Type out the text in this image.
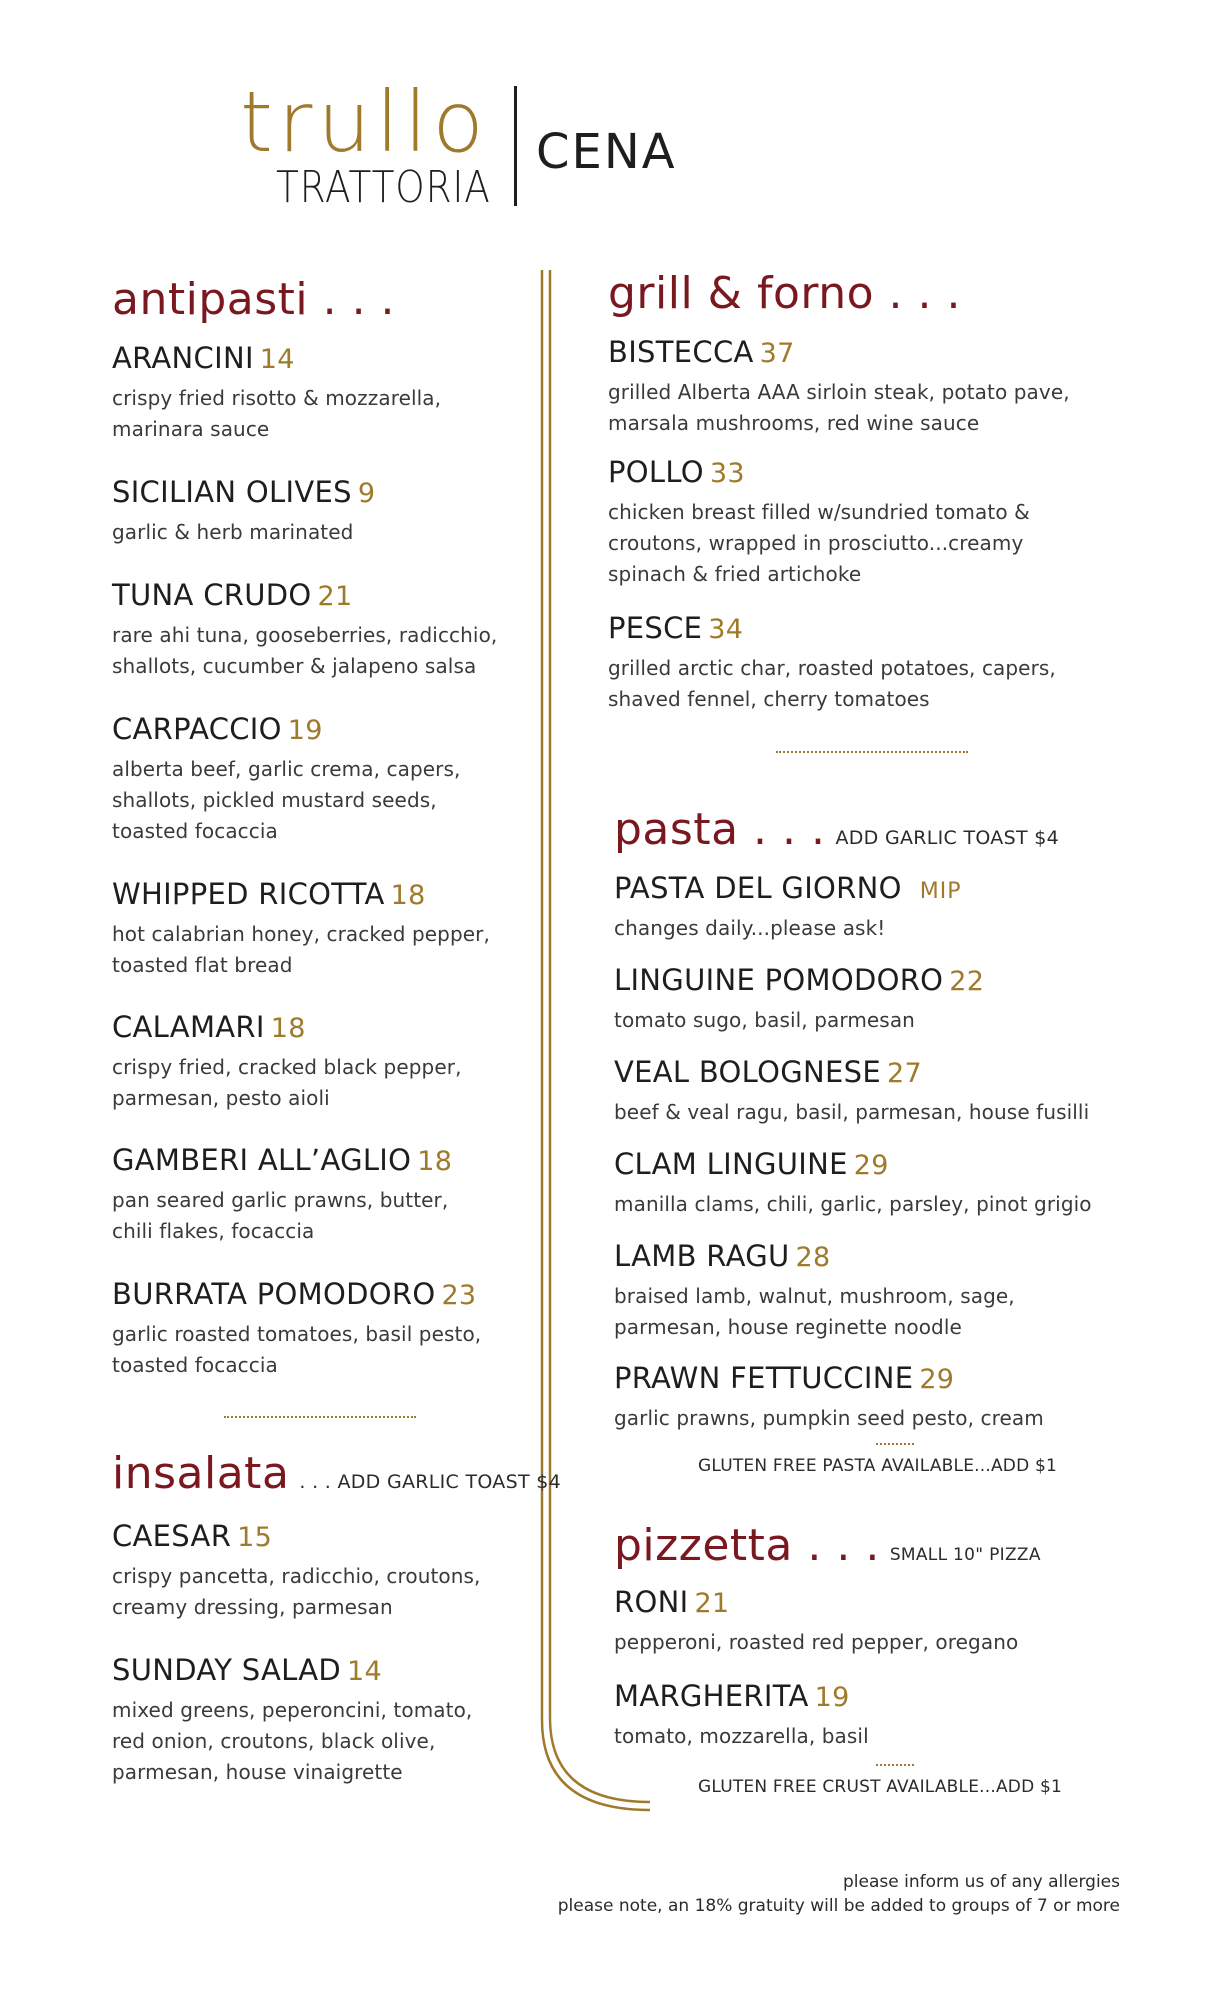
trullo
TRATTORIA
CENA
antipasti . . .
ARANCINI 14
crispy fried risotto & mozzarella,
marinara sauce
SICILIAN OLIVES 9
garlic & herb marinated
TUNA CRUDO 21
rare ahi tuna, gooseberries, radicchio,
shallots, cucumber & jalapeno salsa
CARPACCIO 19
alberta beef, garlic crema, capers,
shallots, pickled mustard seeds,
toasted focaccia
WHIPPED RICOTTA 18
hot calabrian honey, cracked pepper,
toasted flat bread
CALAMARI 18
crispy fried, cracked black pepper,
parmesan, pesto aioli
GAMBERI ALL’AGLIO 18
pan seared garlic prawns, butter,
chili flakes, focaccia
BURRATA POMODORO 23
garlic roasted tomatoes, basil pesto,
toasted focaccia
insalata . . . ADD GARLIC TOAST $4
CAESAR 15
crispy pancetta, radicchio, croutons,
creamy dressing, parmesan
SUNDAY SALAD 14
mixed greens, peperoncini, tomato,
red onion, croutons, black olive,
parmesan, house vinaigrette
grill & forno . . .
BISTECCA 37
grilled Alberta AAA sirloin steak, potato pave,
marsala mushrooms, red wine sauce
POLLO 33
chicken breast filled w/sundried tomato &
croutons, wrapped in prosciutto...creamy
spinach & fried artichoke
PESCE 34
grilled arctic char, roasted potatoes, capers,
shaved fennel, cherry tomatoes
pasta . . . ADD GARLIC TOAST $4
PASTA DEL GIORNO MIP
changes daily...please ask!
LINGUINE POMODORO 22
tomato sugo, basil, parmesan
VEAL BOLOGNESE 27
beef & veal ragu, basil, parmesan, house fusilli
CLAM LINGUINE 29
manilla clams, chili, garlic, parsley, pinot grigio
LAMB RAGU 28
braised lamb, walnut, mushroom, sage,
parmesan, house reginette noodle
PRAWN FETTUCCINE 29
garlic prawns, pumpkin seed pesto, cream
GLUTEN FREE PASTA AVAILABLE...ADD $1
pizzetta . . . SMALL 10" PIZZA
RONI 21
pepperoni, roasted red pepper, oregano
MARGHERITA 19
tomato, mozzarella, basil
GLUTEN FREE CRUST AVAILABLE...ADD $1
please inform us of any allergies
please note, an 18% gratuity will be added to groups of 7 or more
